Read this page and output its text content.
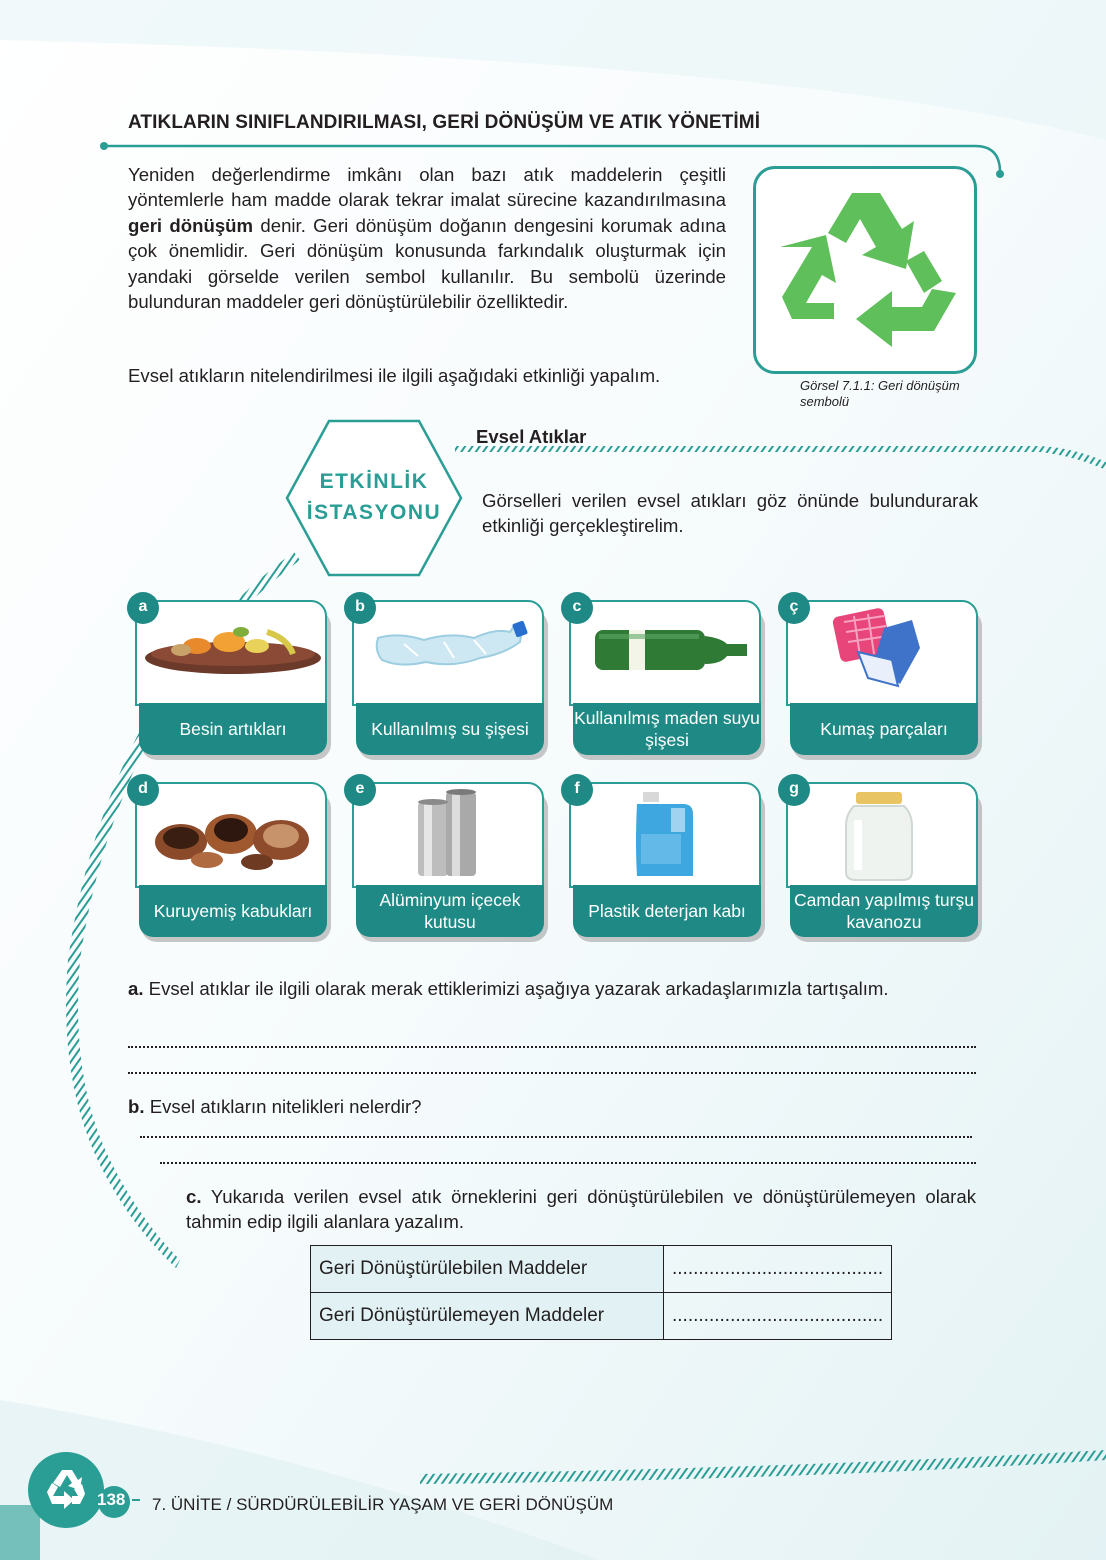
ATIKLARIN SINIFLANDIRILMASI, GERİ DÖNÜŞÜM VE ATIK YÖNETİMİ

Yeniden değerlendirme imkânı olan bazı atık maddelerin çeşitli yöntemlerle ham madde olarak tekrar imalat sürecine kazandırılmasına geri dönüşüm denir. Geri dönüşüm doğanın dengesini korumak adına çok önemlidir. Geri dönüşüm konusunda farkındalık oluşturmak için yandaki görselde verilen sembol kullanılır. Bu sembolü üzerinde bulunduran maddeler geri dönüştürülebilir özelliktedir.

Evsel atıkların nitelendirilmesi ile ilgili aşağıdaki etkinliği yapalım.	Görsel 7.1.1: Geri dönüşüm sembolü
Evsel Atıklar
ETKİNLİK
İSTASYONU

Görselleri verilen evsel atıkları göz önünde bulundurarak etkinliği gerçekleştirelim.

Besin artıkları
a
Kullanılmış su şişesi
b
Kullanılmış maden suyu şişesi
c
Kumaş parçaları
ç
Kuruyemiş kabukları
d
Alüminyum içecek kutusu
e
Plastik deterjan kabı
f
Camdan yapılmış turşu kavanozu
g

a. Evsel atıklar ile ilgili olarak merak ettiklerimizi aşağıya yazarak arkadaşlarımızla tartışalım.

b. Evsel atıkların nitelikleri nelerdir?

c. Yukarıda verilen evsel atık örneklerini geri dönüştürülebilen ve dönüştürülemeyen olarak tahmin edip ilgili alanlara yazalım.

Geri Dönüştürülebilen Maddeler	........................................
Geri Dönüştürülemeyen Maddeler	........................................
138 7. ÜNİTE / SÜRDÜRÜLEBİLİR YAŞAM VE GERİ DÖNÜŞÜM
